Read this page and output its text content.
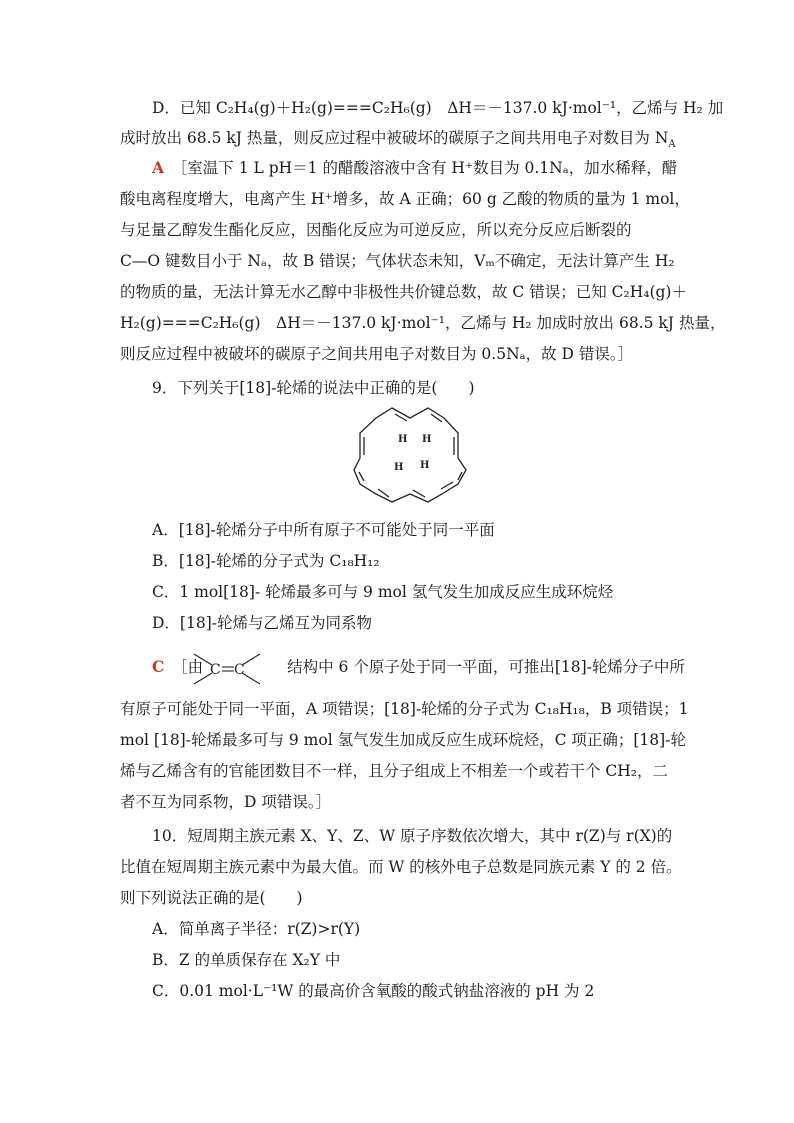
D．已知 C₂H₄(g)＋H₂(g)===C₂H₆(g)　ΔH＝－137.0 kJ·mol⁻¹，乙烯与 H₂ 加
成时放出 68.5 kJ 热量，则反应过程中被破坏的碳原子之间共用电子对数目为 $N_A$
A　 ［室温下 1 L pH＝1 的醋酸溶液中含有 H⁺数目为 0.1Nₐ，加水稀释，醋
酸电离程度增大，电离产生 H⁺增多，故 A 正确；60 g 乙酸的物质的量为 1 mol，
与足量乙醇发生酯化反应，因酯化反应为可逆反应，所以充分反应后断裂的
C—O 键数目小于 Nₐ，故 B 错误；气体状态未知，Vₘ不确定，无法计算产生 H₂
的物质的量，无法计算无水乙醇中非极性共价键总数，故 C 错误；已知 C₂H₄(g)＋
H₂(g)===C₂H₆(g)　ΔH＝－137.0 kJ·mol⁻¹，乙烯与 H₂ 加成时放出 68.5 kJ 热量，
则反应过程中被破坏的碳原子之间共用电子对数目为 0.5Nₐ，故 D 错误。］
9．下列关于[18]-轮烯的说法中正确的是(　　)
H H
H H
A．[18]-轮烯分子中所有原子不可能处于同一平面
B．[18]-轮烯的分子式为 C₁₈H₁₂
C．1 mol[18]- 轮烯最多可与 9 mol 氢气发生加成反应生成环烷烃
D．[18]-轮烯与乙烯互为同系物
C　 ［由	结构中 6 个原子处于同一平面，可推出[18]-轮烯分子中所
C C
有原子可能处于同一平面，A 项错误；[18]-轮烯的分子式为 C₁₈H₁₈，B 项错误；1
mol [18]-轮烯最多可与 9 mol 氢气发生加成反应生成环烷烃，C 项正确；[18]-轮
烯与乙烯含有的官能团数目不一样，且分子组成上不相差一个或若干个 CH₂，二
者不互为同系物，D 项错误。］
10．短周期主族元素 X、Y、Z、W 原子序数依次增大，其中 r(Z)与 r(X)的
比值在短周期主族元素中为最大值。而 W 的核外电子总数是同族元素 Y 的 2 倍。
则下列说法正确的是(　　)
A．简单离子半径：r(Z)>r(Y)
B．Z 的单质保存在 X₂Y 中
C．0.01 mol·L⁻¹W 的最高价含氧酸的酸式钠盐溶液的 pH 为 2
